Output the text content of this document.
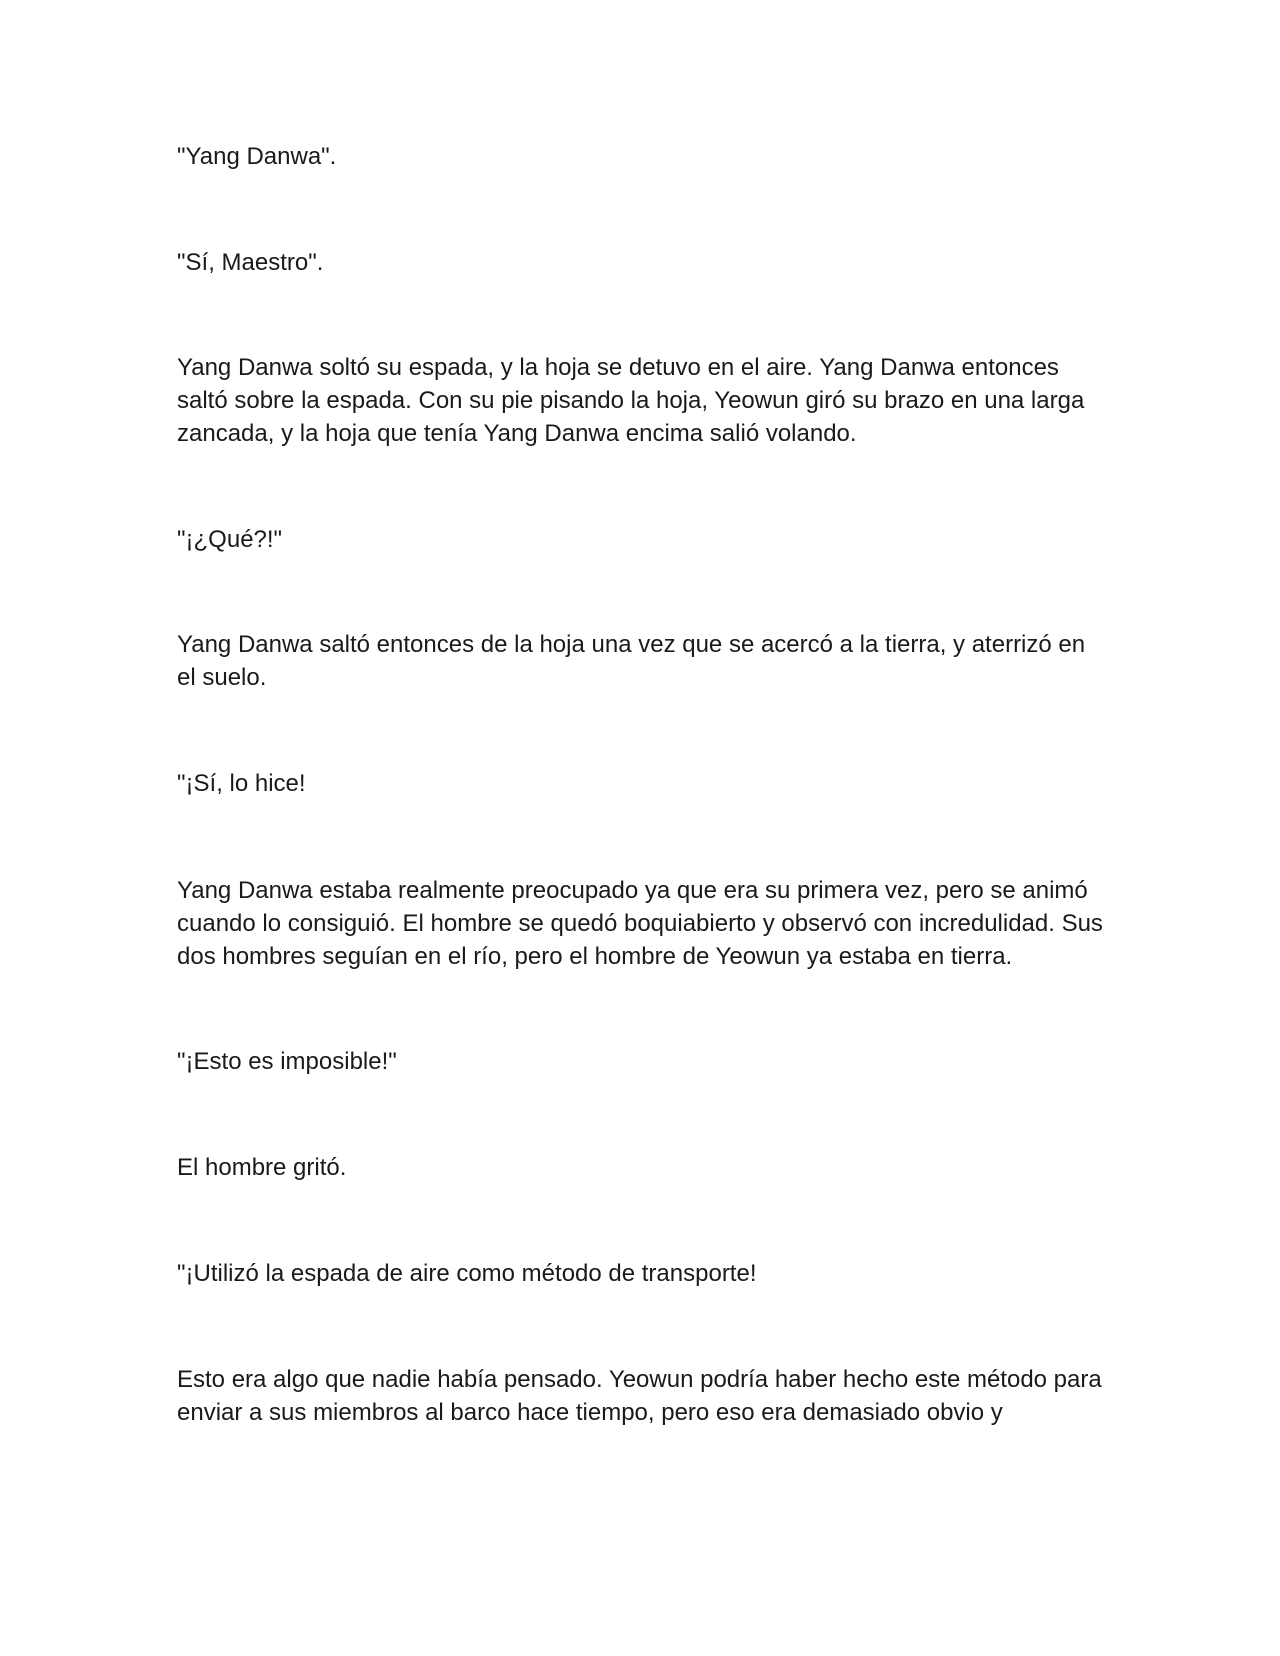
"Yang Danwa".

"Sí, Maestro".

Yang Danwa soltó su espada, y la hoja se detuvo en el aire. Yang Danwa entonces saltó sobre la espada. Con su pie pisando la hoja, Yeowun giró su brazo en una larga zancada, y la hoja que tenía Yang Danwa encima salió volando.

"¡¿Qué?!"

Yang Danwa saltó entonces de la hoja una vez que se acercó a la tierra, y aterrizó en el suelo.

"¡Sí, lo hice!

Yang Danwa estaba realmente preocupado ya que era su primera vez, pero se animó cuando lo consiguió. El hombre se quedó boquiabierto y observó con incredulidad. Sus dos hombres seguían en el río, pero el hombre de Yeowun ya estaba en tierra.

"¡Esto es imposible!"

El hombre gritó.

"¡Utilizó la espada de aire como método de transporte!

Esto era algo que nadie había pensado. Yeowun podría haber hecho este método para enviar a sus miembros al barco hace tiempo, pero eso era demasiado obvio y
